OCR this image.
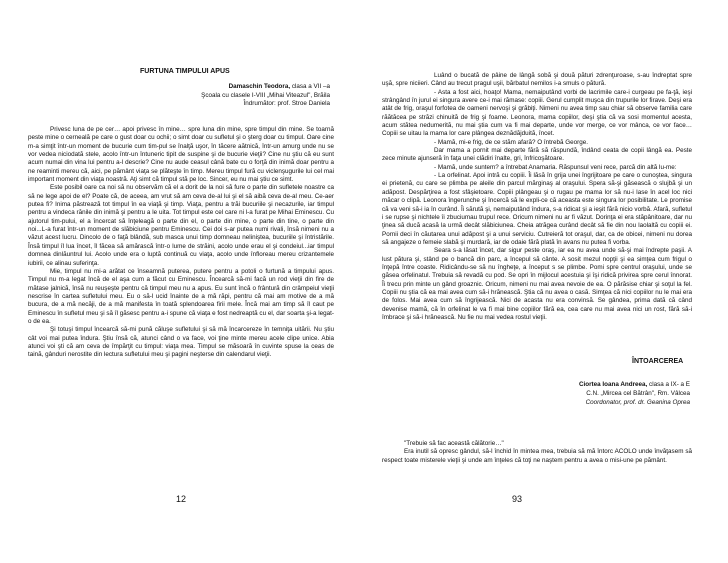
FURTUNA TIMPULUI APUS
Damaschin Teodora, clasa a VII –a
Şcoala cu clasele I-VIII „Mihai Viteazul", Brăila
Îndrumător: prof. Stroe Daniela

Privesc luna de pe cer… apoi privesc în mine… spre luna din mine, spre timpul din mine. Se toarnă peste mine o cerneală pe care o gust doar cu ochii; o simt doar cu sufletul şi o şterg doar cu timpul. Oare cine m-a simţit într-un moment de bucurie cum tim-pul se înalţă uşor, în tăcere aătnică, într-un amurg unde nu se vor vedea niciodată stele, acolo într-un întuneric tipit de suspine şi de bucurie vieţii? Cine nu ştiu că eu sunt acum numai din vina lui pentru a-l descrie? Cine nu aude ceasul cână bate cu o forţă din inimă doar pentru a ne reaminti mereu că, aici, pe pământ viaţa se plăteşte în timp. Mereu timpul fură cu viclenşugurile lui cel mai important moment din viaţa noastră. Aţi simt că timpul stă pe loc. Sincer, eu nu mai ştiu ce simt.

Este posibil oare ca noi să nu observăm că el a dorit de la noi să fure o parte din sufletele noastre ca să ne lege apoi de el? Poate că, de aceea, am vrut să am ceva de-al lui şi el să aibă ceva de-al meu. Ce-aer putea fi? Inima păstrează tot timpul în ea viaţă şi timp. Viaţa, pentru a trăi bucuriile şi necazurile, iar timpul pentru a vindeca rănile din inimă şi pentru a le uita. Tot timpul este cel care ni l-a furat pe Mihai Eminescu. Cu ajutorul tim-pului, el a încercat să înţeleagă o parte din el, o parte din mine, o parte din tine, o parte din noi...L-a furat într-un moment de slăbiciune pentru Eminescu. Cei doi s-ar putea numi rivali, însă nimeni nu a văzut acest lucru. Dincolo de o faţă blândă, sub masca unui timp domneau neliniştea, bucuriile şi întristările. Însă timpul îl lua încet, îl făcea să amărască într-o lume de străini, acolo unde erau el şi condeiul...iar timpul domnea dinlăuntrul lui. Acolo unde era o luptă continuă cu viaţa, acolo unde înfloreau mereu crizantemele iubirii, ce alinau suferinţa.

Mie, timpul nu mi-a arătat ce înseamnă puterea, putere pentru a potoli o furtună a timpului apus. Timpul nu m-a legat încă de el aşa cum a făcut cu Eminescu. Încearcă să-mi facă un rod vieţii din fire de mătase jalnică, însă nu reuşeşte pentru că timpul meu nu a apus. Eu sunt încă o frântură din crâmpeiul vieţii nescrise în cartea sufletului meu. Eu o să-l ucid înainte de a mă răpi, pentru că mai am motive de a mă bucura, de a mă necăji, de a mă manifesta în toată splendoarea firii mele. Încă mai am timp să îl caut pe Eminescu în sufletul meu şi să îl găsesc pentru a-i spune că viaţa e fost nedreaptă cu el, dar soarta şi-a legat-o de ea.

Şi totuşi timpul încearcă să-mi pună căluşe sufletului şi să mă încarcereze în temniţa uitării. Nu ştiu cât voi mai putea îndura. Ştiu însă că, atunci când o va face, voi ţine minte mereu acele clipe unice. Abia atunci voi şti că am ceva de împărţit cu timpul: viaţa mea. Timpul se măsoară în cuvinte spuse la ceas de taină, gânduri nerostite din lectura sufletului meu şi pagini neşterse din calendarul vieţii.

12

Luând o bucată de pâine de lângă sobă şi două pături zdrenţuroase, s-au îndreptat spre uşă, spre niciieri. Când au trecut pragul uşii, bărbatul nemilos i-a smuls o pătură.

- Asta a fost aici, hoaţo! Mama, nemaiputând vorbi de lacrimile care-i curgeau pe fa-ţă, ieşi strângând în jurul ei singura avere ce-i mai rămase: copiii. Gerul cumplit muşca din trupurile lor firave. Deşi era atât de frig, oraşul forfotea de oameni nervoşi şi grăbiţi. Nimeni nu avea timp sau chiar să observe familia care răătăcea pe străzi chinuită de frig şi foame. Leonora, mama copiilor, deşi ştia că va sosi momentul acesta, acum stătea nedumerită, nu mai ştia cum va fi mai departe, unde vor merge, ce vor mânca, ce vor face… Copiii se uitau la mama lor care plângea deznădăjduită, încet.

- Mamă, mi-e frig, de ce stăm afară? O întrebă George.

Dar mama a pornit mai departe fără să răspundă, îndând ceata de copii lângă ea. Peste zece minute ajunseră în faţa unei clădiri înalte, gri, înfricoşătoare.

- Mamă, unde suntem? a întrebat Anamaria. Răspunsul veni rece, parcă din altă lu-me:

- La orfelinat. Apoi intră cu copiii. Îi lăsă în grija unei îngrijitoare pe care o cunoştea, singura ei prietenă, cu care se plimba pe aleile din parcul mărginaş al oraşului. Spera să-şi găsească o slujbă şi un adăpost. Despărţirea a fost sfâşietoare. Copiii plângeau şi o rugau pe mama lor să nu-i lase în acel loc nici măcar o clipă. Leonora îngerunche şi încercă să le expli-ce că aceasta este singura lor posibilitate. Le promise că va veni să-i ia în curând. Îi sărută şi, nemaiputând îndura, s-a ridicat şi a ieşit fără nicio vorbă. Afară, sufletul i se rupse şi nichtele îi zbuciumau trupul rece. Oricum nimeni nu ar fi văzut. Dorinţa ei era stăpânitoare, dar nu ţinea să ducă acasă la urmă decât slăbiciunea. Cheia atrăgea curând decât să fie din nou laolaltă cu copiii ei. Pornii deci în căutarea unui adăpost şi a unui serviciu. Cutreieră tot oraşul, dar, ca de obicei, nimeni nu dorea să angajeze o femeie slabă şi murdară, iar de odaie fără plată în avans nu putea fi vorba.

Seara s-a lăsat încet, dar sigur peste oraş, iar ea nu avea unde să-şi mai îndrepte paşii. A lust pătura şi, stând pe o bancă din parc, a începul să cânte. A sosit mezul nopţii şi ea simţea cum frigul o înţepă între coaste. Ridicându-se să nu îngheţe, a început s se plimbe. Pomi spre centrul oraşului, unde se găsea orfelinatul. Trebuia să revadă cu pod. Se opri în mijlocul acestuia şi îşi ridică privirea spre cerul înnorat. Îi trecu prin minte un gând groaznic. Oricum, nimeni nu mai avea nevoie de ea. O părăsise chiar şi soţul la fel. Copiii nu ştia că ea mai avea cum să-i hrănească. Ştia că nu avea o casă. Simţea că nici copiilor nu le mai era de folos. Mai avea cum să îngrijească. Nici de acasta nu era convinsă. Se gândea, prima dată că când devenise mamă, că în orfelinat le va fi mai bine copiilor fără ea, cea care nu mai avea nici un rost, fără să-i îmbrace şi să-i hrănească. Nu fie nu mai vedea rostul vieţii.

ÎNTOARCEREA
Ciortea Ioana Andreea, clasa a IX- a E
C.N. „Mircea cel Bătrân", Rm. Vâlcea
Coordonator, prof. dr. Geanina Oprea

"Trebuie să fac această călătorie…"

Era inutil să opresc gândul, să-l închid în mintea mea, trebuia să mă întorc ACOLO unde învăţasem să respect toate misterele vieţii şi unde am înţeles că toţi ne naştem pentru a avea o misi-une pe pământ.

93
